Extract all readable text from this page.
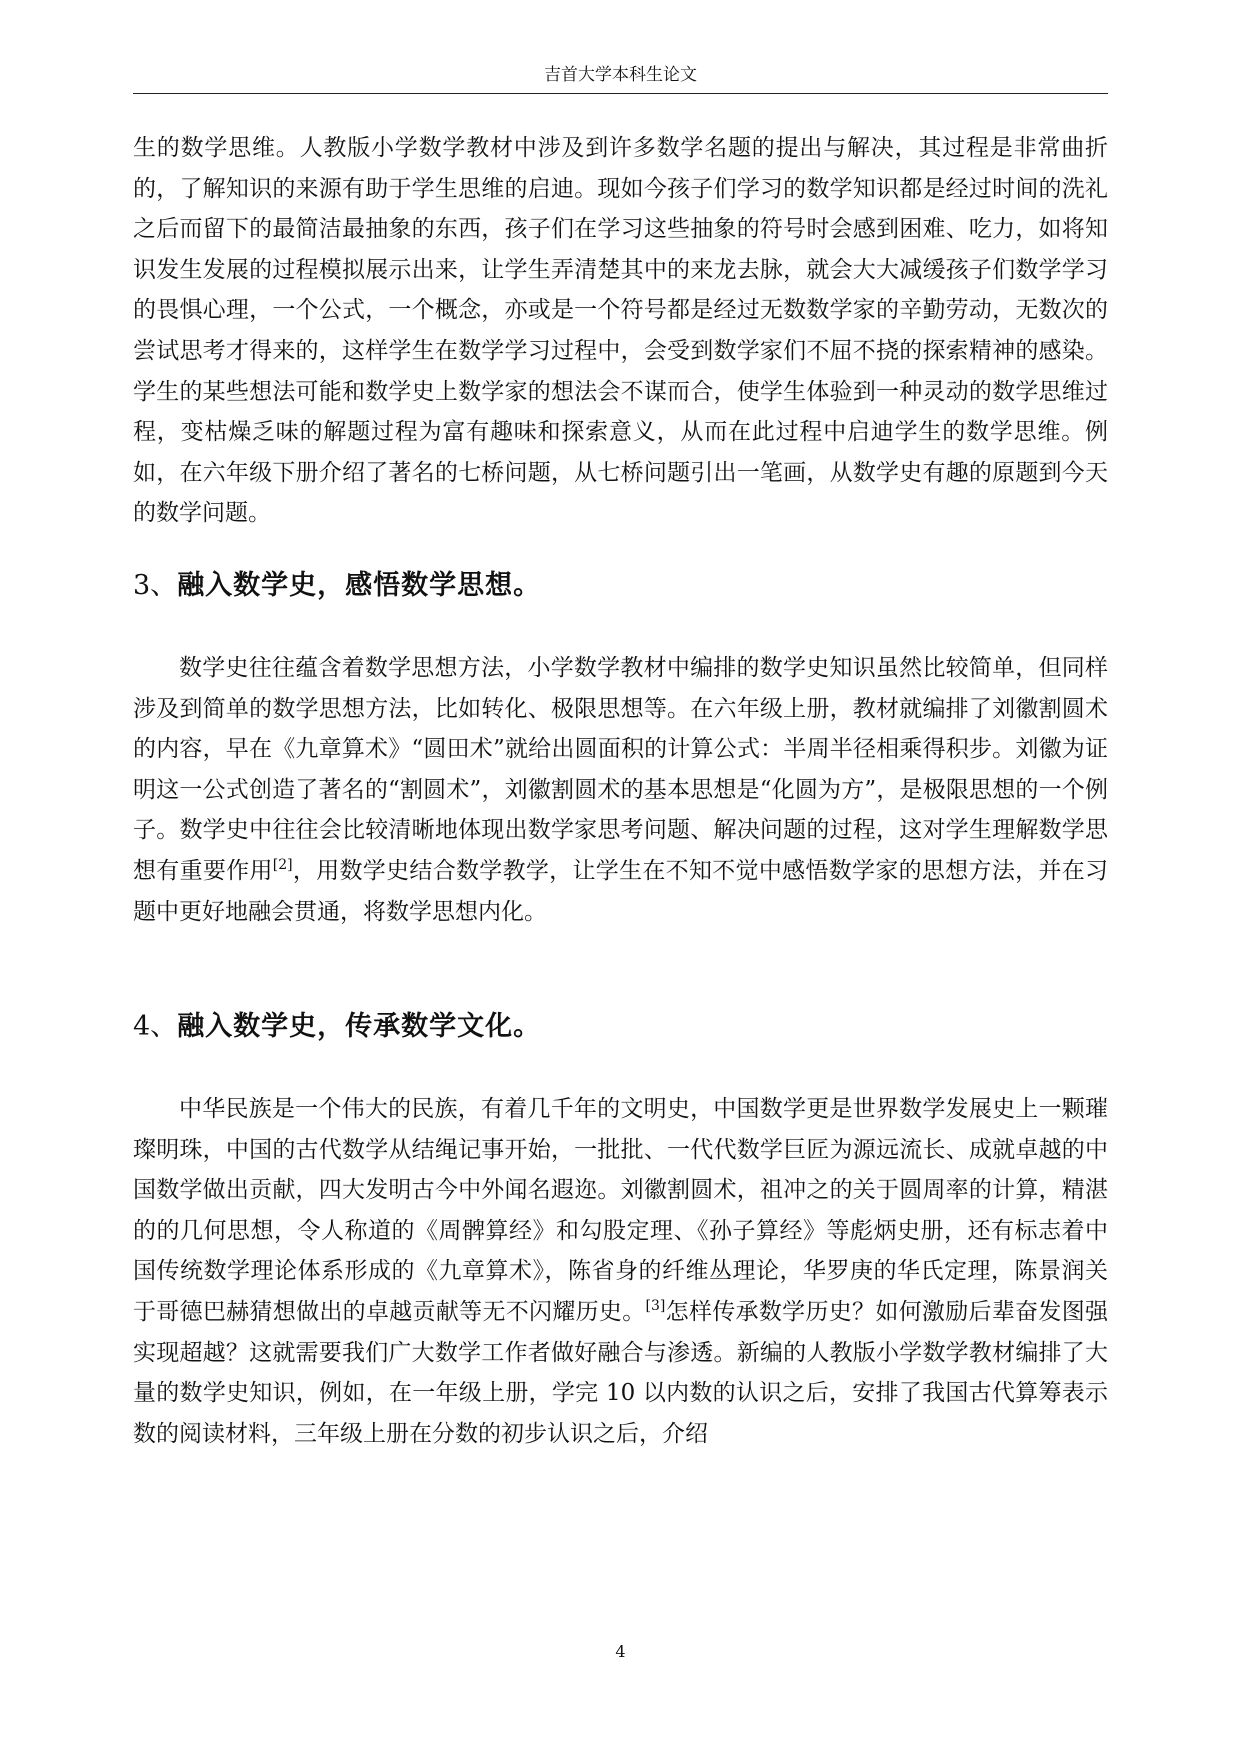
吉首大学本科生论文

生的数学思维。人教版小学数学教材中涉及到许多数学名题的提出与解决，其过程是非常曲折的，了解知识的来源有助于学生思维的启迪。现如今孩子们学习的数学知识都是经过时间的洗礼之后而留下的最简洁最抽象的东西，孩子们在学习这些抽象的符号时会感到困难、吃力，如将知识发生发展的过程模拟展示出来，让学生弄清楚其中的来龙去脉，就会大大减缓孩子们数学学习的畏惧心理，一个公式，一个概念，亦或是一个符号都是经过无数数学家的辛勤劳动，无数次的尝试思考才得来的，这样学生在数学学习过程中，会受到数学家们不屈不挠的探索精神的感染。学生的某些想法可能和数学史上数学家的想法会不谋而合，使学生体验到一种灵动的数学思维过程，变枯燥乏味的解题过程为富有趣味和探索意义，从而在此过程中启迪学生的数学思维。例如，在六年级下册介绍了著名的七桥问题，从七桥问题引出一笔画，从数学史有趣的原题到今天的数学问题。

3、融入数学史，感悟数学思想。

数学史往往蕴含着数学思想方法，小学数学教材中编排的数学史知识虽然比较简单，但同样涉及到简单的数学思想方法，比如转化、极限思想等。在六年级上册，教材就编排了刘徽割圆术的内容，早在《九章算术》“圆田术”就给出圆面积的计算公式：半周半径相乘得积步。刘徽为证明这一公式创造了著名的“割圆术”，刘徽割圆术的基本思想是“化圆为方”，是极限思想的一个例子。数学史中往往会比较清晰地体现出数学家思考问题、解决问题的过程，这对学生理解数学思想有重要作用[2]，用数学史结合数学教学，让学生在不知不觉中感悟数学家的思想方法，并在习题中更好地融会贯通，将数学思想内化。

4、融入数学史，传承数学文化。

中华民族是一个伟大的民族，有着几千年的文明史，中国数学更是世界数学发展史上一颗璀璨明珠，中国的古代数学从结绳记事开始，一批批、一代代数学巨匠为源远流长、成就卓越的中国数学做出贡献，四大发明古今中外闻名遐迩。刘徽割圆术，祖冲之的关于圆周率的计算，精湛的的几何思想，令人称道的《周髀算经》和勾股定理、《孙子算经》等彪炳史册，还有标志着中国传统数学理论体系形成的《九章算术》，陈省身的纤维丛理论，华罗庚的华氏定理，陈景润关于哥德巴赫猜想做出的卓越贡献等无不闪耀历史。[3]怎样传承数学历史？如何激励后辈奋发图强实现超越？这就需要我们广大数学工作者做好融合与渗透。新编的人教版小学数学教材编排了大量的数学史知识，例如，在一年级上册，学完 10 以内数的认识之后，安排了我国古代算筹表示数的阅读材料，三年级上册在分数的初步认识之后，介绍

4
